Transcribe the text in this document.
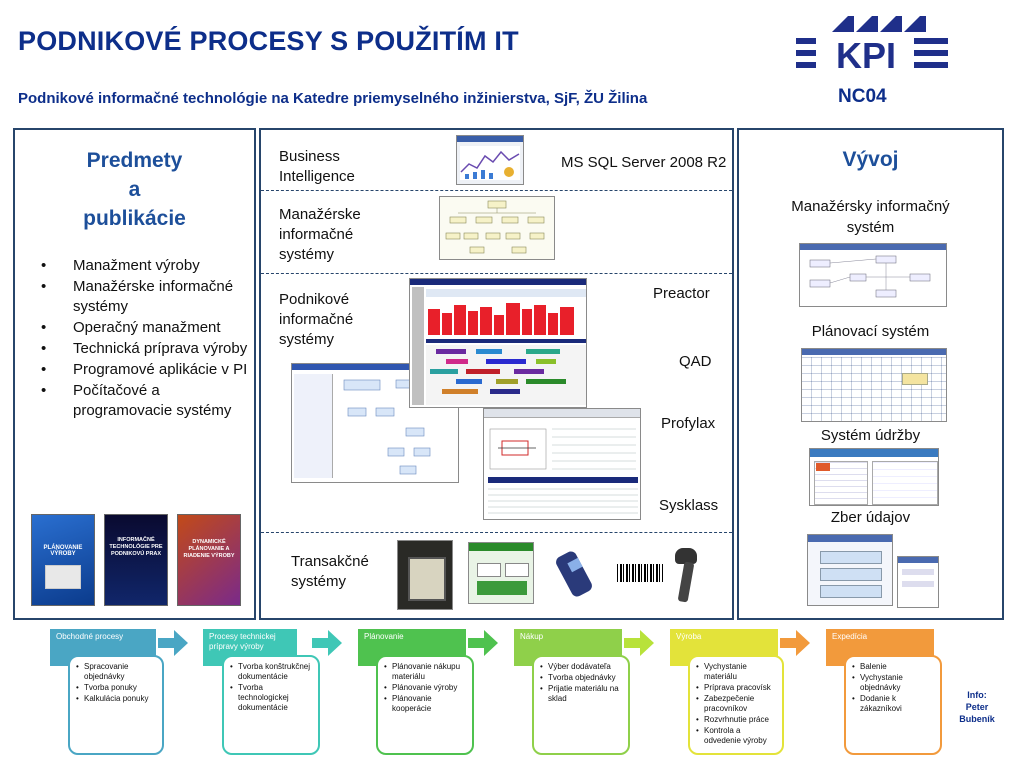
PODNIKOVÉ PROCESY S POUŽITÍM IT
Podnikové informačné technológie na Katedre priemyselného inžinierstva, SjF, ŽU Žilina	NC04
KPI
Predmety
a
publikácie
• Manažment výroby
• Manažérske informačné systémy
• Operačný manažment
• Technická príprava výroby
• Programové aplikácie v PI
• Počítačové a programovacie systémy
PLÁNOVANIE VÝROBY
INFORMAČNÉ TECHNOLÓGIE PRE PODNIKOVÚ PRAX
DYNAMICKÉ PLÁNOVANIE A RIADENIE VÝROBY
Business Intelligence
MS SQL Server 2008 R2
Manažérske informačné systémy
Podnikové informačné systémy
Preactor
QAD
Profylax
Sysklass
Transakčné systémy
Vývoj
Manažérsky informačný systém
Plánovací systém
Systém údržby
Zber údajov
Obchodné procesy
• Spracovanie objednávky
• Tvorba ponuky
• Kalkulácia ponuky
Procesy technickej prípravy výroby
• Tvorba konštrukčnej dokumentácie
• Tvorba technologickej dokumentácie
Plánovanie
• Plánovanie nákupu materiálu
• Plánovanie výroby
• Plánovanie kooperácie
Nákup
• Výber dodávateľa
• Tvorba objednávky
• Prijatie materiálu na sklad
Výroba
• Vychystanie materiálu
• Príprava pracovísk
• Zabezpečenie pracovníkov
• Rozvrhnutie práce
• Kontrola a odvedenie výroby
Expedícia
• Balenie
• Vychystanie objednávky
• Dodanie k zákazníkovi
Info:
Peter Bubeník
